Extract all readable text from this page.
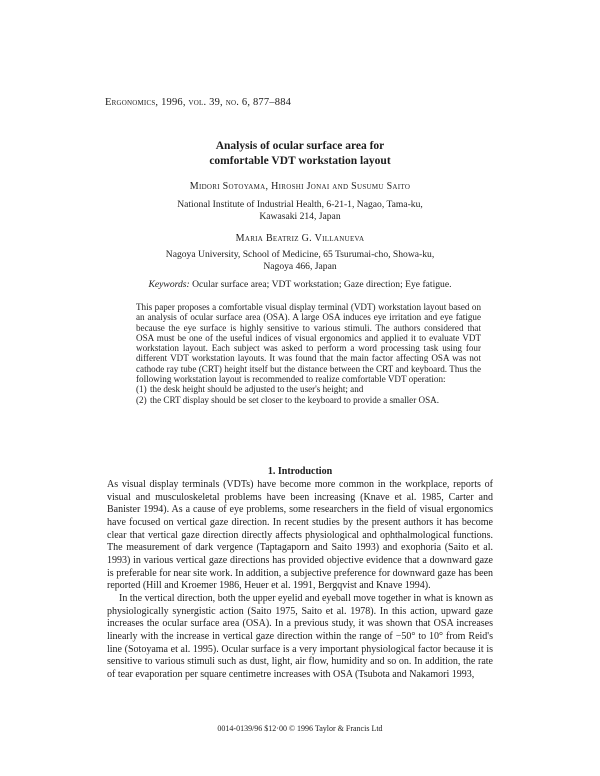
Ergonomics, 1996, vol. 39, no. 6, 877–884
Analysis of ocular surface area for
comfortable VDT workstation layout
Midori Sotoyama, Hiroshi Jonai and Susumu Saito
National Institute of Industrial Health, 6-21-1, Nagao, Tama-ku,
Kawasaki 214, Japan
Maria Beatriz G. Villanueva
Nagoya University, School of Medicine, 65 Tsurumai-cho, Showa-ku,
Nagoya 466, Japan
Keywords: Ocular surface area; VDT workstation; Gaze direction; Eye fatigue.

This paper proposes a comfortable visual display terminal (VDT) workstation layout based on an analysis of ocular surface area (OSA). A large OSA induces eye irritation and eye fatigue because the eye surface is highly sensitive to various stimuli. The authors considered that OSA must be one of the useful indices of visual ergonomics and applied it to evaluate VDT workstation layout. Each subject was asked to perform a word processing task using four different VDT workstation layouts. It was found that the main factor affecting OSA was not cathode ray tube (CRT) height itself but the distance between the CRT and keyboard. Thus the following workstation layout is recommended to realize comfortable VDT operation:

(1) the desk height should be adjusted to the user's height; and
(2) the CRT display should be set closer to the keyboard to provide a smaller OSA.
1. Introduction

As visual display terminals (VDTs) have become more common in the workplace, reports of visual and musculoskeletal problems have been increasing (Knave et al. 1985, Carter and Banister 1994). As a cause of eye problems, some researchers in the field of visual ergonomics have focused on vertical gaze direction. In recent studies by the present authors it has become clear that vertical gaze direction directly affects physiological and ophthalmological functions. The measurement of dark vergence (Taptagaporn and Saito 1993) and exophoria (Saito et al. 1993) in various vertical gaze directions has provided objective evidence that a downward gaze is preferable for near site work. In addition, a subjective preference for downward gaze has been reported (Hill and Kroemer 1986, Heuer et al. 1991, Bergqvist and Knave 1994).

In the vertical direction, both the upper eyelid and eyeball move together in what is known as physiologically synergistic action (Saito 1975, Saito et al. 1978). In this action, upward gaze increases the ocular surface area (OSA). In a previous study, it was shown that OSA increases linearly with the increase in vertical gaze direction within the range of −50° to 10° from Reid's line (Sotoyama et al. 1995). Ocular surface is a very important physiological factor because it is sensitive to various stimuli such as dust, light, air flow, humidity and so on. In addition, the rate of tear evaporation per square centimetre increases with OSA (Tsubota and Nakamori 1993,

0014-0139/96 $12·00 © 1996 Taylor & Francis Ltd
